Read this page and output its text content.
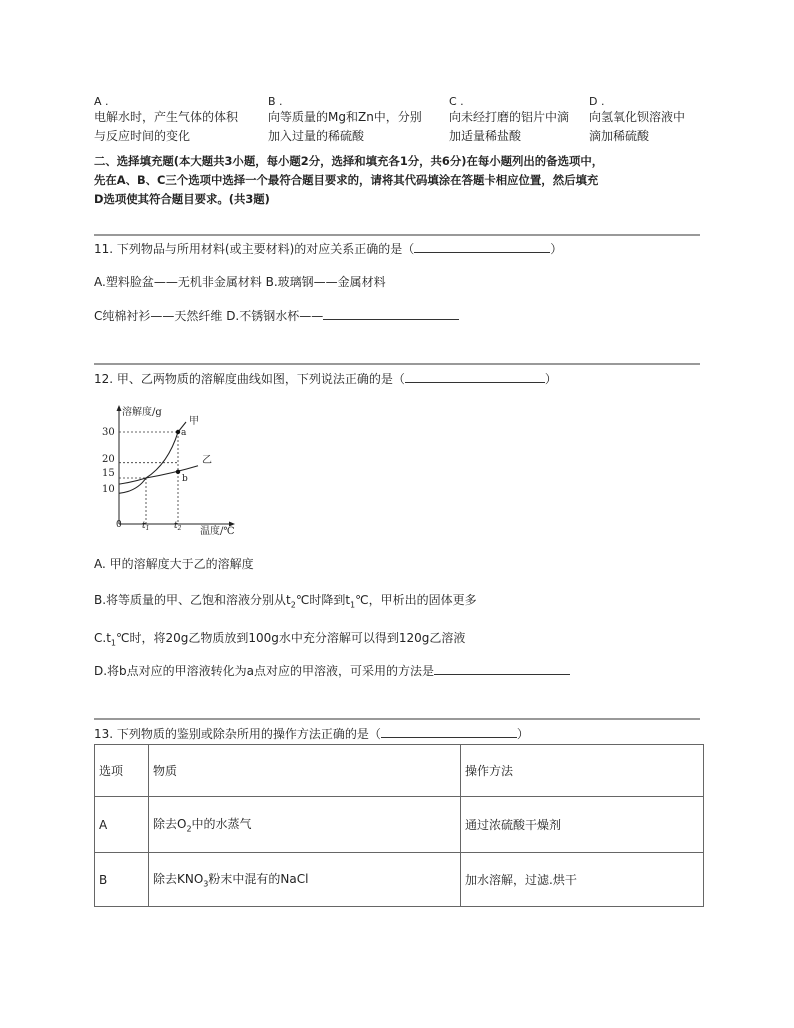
A .
电解水时，产生气体的体积
与反应时间的变化
B .
向等质量的Mg和Zn中，分别
加入过量的稀硫酸
C .
向未经打磨的铝片中滴
加适量稀盐酸
D .
向氢氧化钡溶液中
滴加稀硫酸
二、选择填充题(本大题共3小题，每小题2分，选择和填充各1分，共6分)在每小题列出的备选项中，
先在A、B、C三个选项中选择一个最符合题目要求的，请将其代码填涂在答题卡相应位置，然后填充
D选项使其符合题目要求。(共3题)
11. 下列物品与所用材料(或主要材料)的对应关系正确的是（	）
A.塑料脸盆——无机非金属材料 B.玻璃钢——金属材料
C纯棉衬衫——天然纤维 D.不锈钢水杯——
12. 甲、乙两物质的溶解度曲线如图，下列说法正确的是（	）
溶解度/g
温度/℃
0
30
20
15
10
$t_1$	$t_2$
甲
乙
a
b
A. 甲的溶解度大于乙的溶解度
B.将等质量的甲、乙饱和溶液分别从$t_2℃$时降到$t_1℃$，甲析出的固体更多
$C.t_1℃$时，将20g乙物质放到100g水中充分溶解可以得到120g乙溶液
D.将b点对应的甲溶液转化为a点对应的甲溶液，可采用的方法是
13. 下列物质的鉴别或除杂所用的操作方法正确的是（	）
选项	物质	操作方法
A	除去$O_2$中的水蒸气	通过浓硫酸干燥剂
B	除去$KNO_3$粉末中混有的NaCl	加水溶解，过滤.烘干
